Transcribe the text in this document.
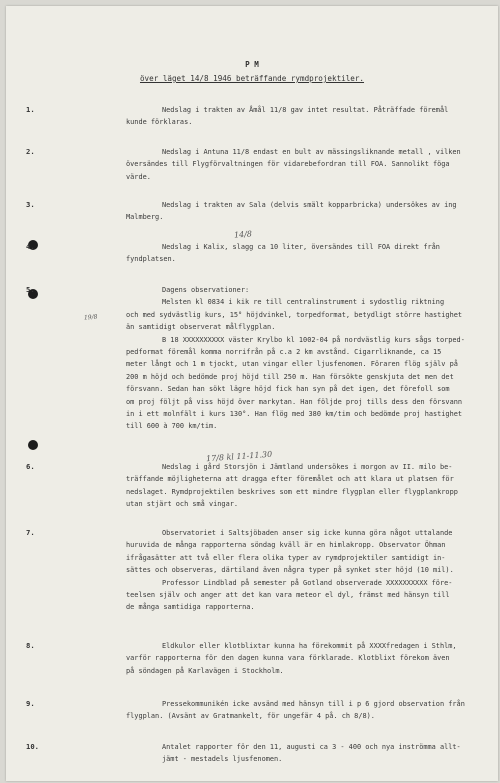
P M
över läget 14/8 1946 beträffande rymdprojektiler.
14/8
19/8
17/8 kl 11-11.30
1.	Nedslag i trakten av Åmål 11/8 gav intet resultat. Påträffade föremål
kunde förklaras.
2.	Nedslag i Antuna 11/8 endast en bult av mässingsliknande metall , vilken
översändes till Flygförvaltningen för vidarebefordran till FOA. Sannolikt föga
värde.
3.	Nedslag i trakten av Sala (delvis smält kopparbricka) undersökes av ing
Malmberg.
4.	Nedslag i Kalix, slagg ca 10 liter, översändes till FOA direkt från
fyndplatsen.
5.	Dagens observationer:
Melsten kl 0834 i kik re till centralinstrument i sydostlig riktning
och med sydvästlig kurs, 15° höjdvinkel, torpedformat, betydligt större hastighet
än samtidigt observerat målflygplan.
B 18 XXXXXXXXXX väster Krylbo kl 1002-04 på nordvästlig kurs sågs torped-
pedformat föremål komma norrifrån på c.a 2 km avstånd. Cigarrliknande, ca 15
meter långt och 1 m tjockt, utan vingar eller ljusfenomen. Föraren flög själv på
200 m höjd och bedömde proj höjd till 250 m. Han försökte genskjuta det men det
försvann. Sedan han sökt lägre höjd fick han syn på det igen, det förefoll som
om proj följt på viss höjd över markytan. Han följde proj tills dess den försvann
in i ett molnfält i kurs 130°. Han flög med 380 km/tim och bedömde proj hastighet
till 600 à 700 km/tim.
6.	Nedslag i gård Storsjön i Jämtland undersökes i morgon av II. milo be-
träffande möjligheterna att dragga efter föremålet och att klara ut platsen för
nedslaget. Rymdprojektilen beskrives som ett mindre flygplan eller flygplankropp
utan stjärt och små vingar.
7.	Observatoriet i Saltsjöbaden anser sig icke kunna göra något uttalande
huruvida de många rapporterna söndag kväll är en himlakropp. Observator Öhman
ifrågasätter att två eller flera olika typer av rymdprojektiler samtidigt in-
sättes och observeras, därtiland även några typer på synket ster höjd (10 mil).
Professor Lindblad på semester på Gotland observerade XXXXXXXXXX före-
teelsen själv och anger att det kan vara meteor el dyl, främst med hänsyn till
de många samtidiga rapporterna.
8.	Eldkulor eller klotblixtar kunna ha förekommit på XXXXfredagen i Sthlm,
varför rapporterna för den dagen kunna vara förklarade. Klotblixt förekom även
på söndagen på Karlavägen i Stockholm.
9.	Pressekommunikén icke avsänd med hänsyn till i p 6 gjord observation från
flygplan. (Avsänt av Gratmankelt, för ungefär 4 på. ch 8/8).
10.	Antalet rapporter för den 11, augusti ca 3 - 400 och nya inströmma allt-
jämt - mestadels ljusfenomen.
